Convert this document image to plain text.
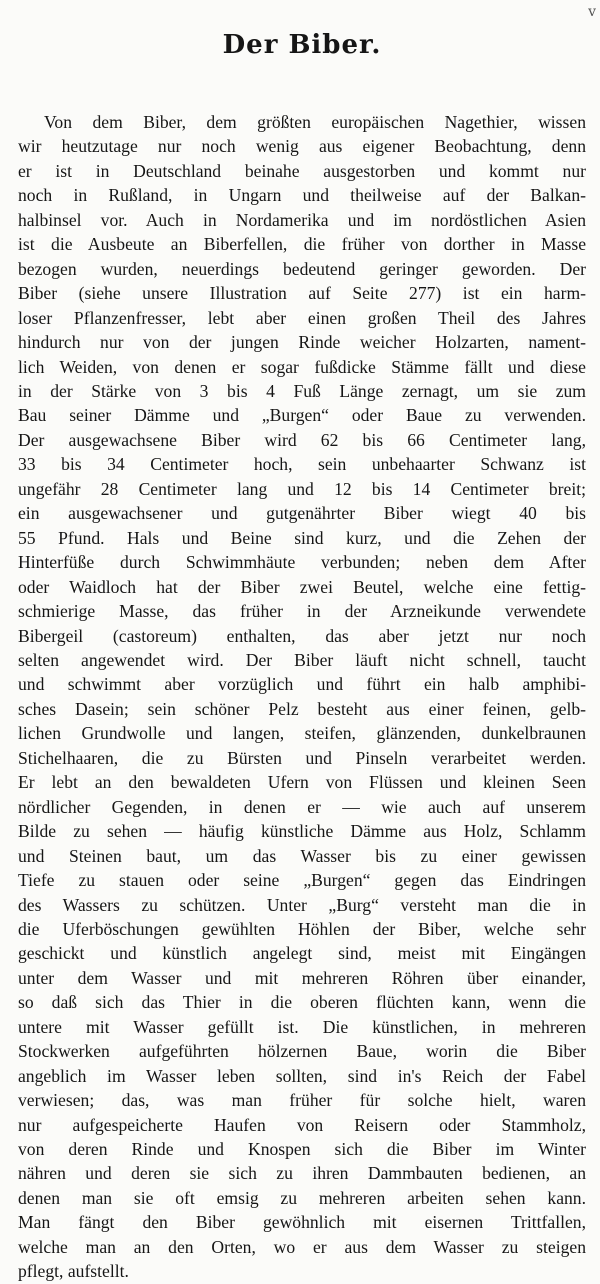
v
Der Biber.
Von dem Biber, dem größten europäischen Nagethier, wissen
wir heutzutage nur noch wenig aus eigener Beobachtung, denn
er ist in Deutschland beinahe ausgestorben und kommt nur
noch in Rußland, in Ungarn und theilweise auf der Balkan-
halbinsel vor. Auch in Nordamerika und im nordöstlichen Asien
ist die Ausbeute an Biberfellen, die früher von dorther in Masse
bezogen wurden, neuerdings bedeutend geringer geworden. Der
Biber (siehe unsere Illustration auf Seite 277) ist ein harm-
loser Pflanzenfresser, lebt aber einen großen Theil des Jahres
hindurch nur von der jungen Rinde weicher Holzarten, nament-
lich Weiden, von denen er sogar fußdicke Stämme fällt und diese
in der Stärke von 3 bis 4 Fuß Länge zernagt, um sie zum
Bau seiner Dämme und „Burgen“ oder Baue zu verwenden.
Der ausgewachsene Biber wird 62 bis 66 Centimeter lang,
33 bis 34 Centimeter hoch, sein unbehaarter Schwanz ist
ungefähr 28 Centimeter lang und 12 bis 14 Centimeter breit;
ein ausgewachsener und gutgenährter Biber wiegt 40 bis
55 Pfund. Hals und Beine sind kurz, und die Zehen der
Hinterfüße durch Schwimmhäute verbunden; neben dem After
oder Waidloch hat der Biber zwei Beutel, welche eine fettig-
schmierige Masse, das früher in der Arzneikunde verwendete
Bibergeil (castoreum) enthalten, das aber jetzt nur noch
selten angewendet wird. Der Biber läuft nicht schnell, taucht
und schwimmt aber vorzüglich und führt ein halb amphibi-
sches Dasein; sein schöner Pelz besteht aus einer feinen, gelb-
lichen Grundwolle und langen, steifen, glänzenden, dunkelbraunen
Stichelhaaren, die zu Bürsten und Pinseln verarbeitet werden.
Er lebt an den bewaldeten Ufern von Flüssen und kleinen Seen
nördlicher Gegenden, in denen er — wie auch auf unserem
Bilde zu sehen — häufig künstliche Dämme aus Holz, Schlamm
und Steinen baut, um das Wasser bis zu einer gewissen
Tiefe zu stauen oder seine „Burgen“ gegen das Eindringen
des Wassers zu schützen. Unter „Burg“ versteht man die in
die Uferböschungen gewühlten Höhlen der Biber, welche sehr
geschickt und künstlich angelegt sind, meist mit Eingängen
unter dem Wasser und mit mehreren Röhren über einander,
so daß sich das Thier in die oberen flüchten kann, wenn die
untere mit Wasser gefüllt ist. Die künstlichen, in mehreren
Stockwerken aufgeführten hölzernen Baue, worin die Biber
angeblich im Wasser leben sollten, sind in's Reich der Fabel
verwiesen; das, was man früher für solche hielt, waren
nur aufgespeicherte Haufen von Reisern oder Stammholz,
von deren Rinde und Knospen sich die Biber im Winter
nähren und deren sie sich zu ihren Dammbauten bedienen, an
denen man sie oft emsig zu mehreren arbeiten sehen kann.
Man fängt den Biber gewöhnlich mit eisernen Trittfallen,
welche man an den Orten, wo er aus dem Wasser zu steigen
pflegt, aufstellt.
